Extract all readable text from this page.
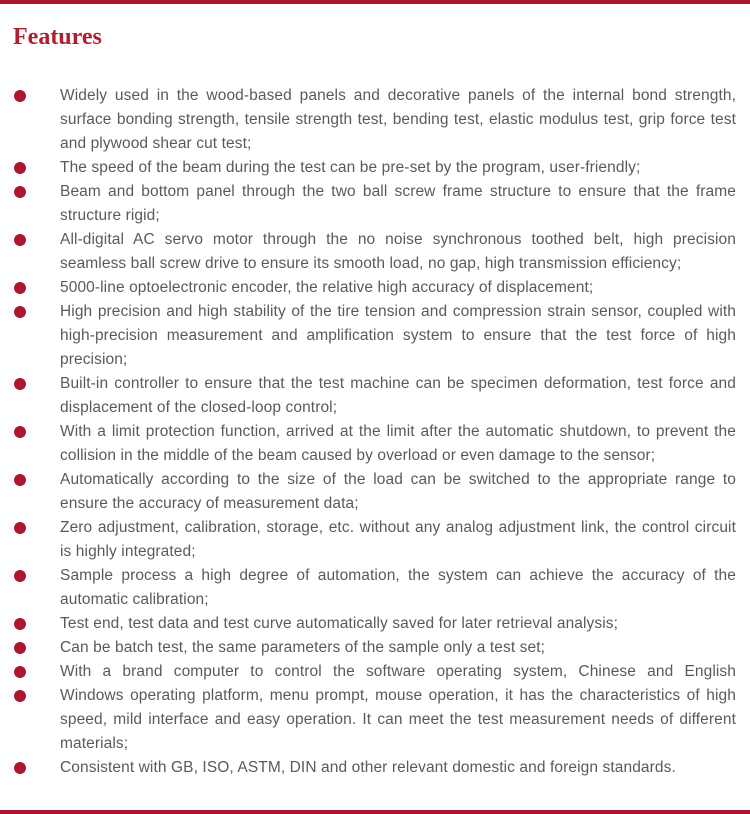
Features
Widely used in the wood-based panels and decorative panels of the internal bond strength, surface bonding strength, tensile strength test, bending test, elastic modulus test, grip force test and plywood shear cut test;
The speed of the beam during the test can be pre-set by the program, user-friendly;
Beam and bottom panel through the two ball screw frame structure to ensure that the frame structure rigid;
All-digital AC servo motor through the no noise synchronous toothed belt, high precision seamless ball screw drive to ensure its smooth load, no gap, high transmission efficiency;
5000-line optoelectronic encoder, the relative high accuracy of displacement;
High precision and high stability of the tire tension and compression strain sensor, coupled with high-precision measurement and amplification system to ensure that the test force of high precision;
Built-in controller to ensure that the test machine can be specimen deformation, test force and displacement of the closed-loop control;
With a limit protection function, arrived at the limit after the automatic shutdown, to prevent the collision in the middle of the beam caused by overload or even damage to the sensor;
Automatically according to the size of the load can be switched to the appropriate range to ensure the accuracy of measurement data;
Zero adjustment, calibration, storage, etc. without any analog adjustment link, the control circuit is highly integrated;
Sample process a high degree of automation, the system can achieve the accuracy of the automatic calibration;
Test end, test data and test curve automatically saved for later retrieval analysis;
Can be batch test, the same parameters of the sample only a test set;
With a brand computer to control the software operating system, Chinese and English
Windows operating platform, menu prompt, mouse operation, it has the characteristics of high speed, mild interface and easy operation. It can meet the test measurement needs of different materials;
Consistent with GB, ISO, ASTM, DIN and other relevant domestic and foreign standards.
